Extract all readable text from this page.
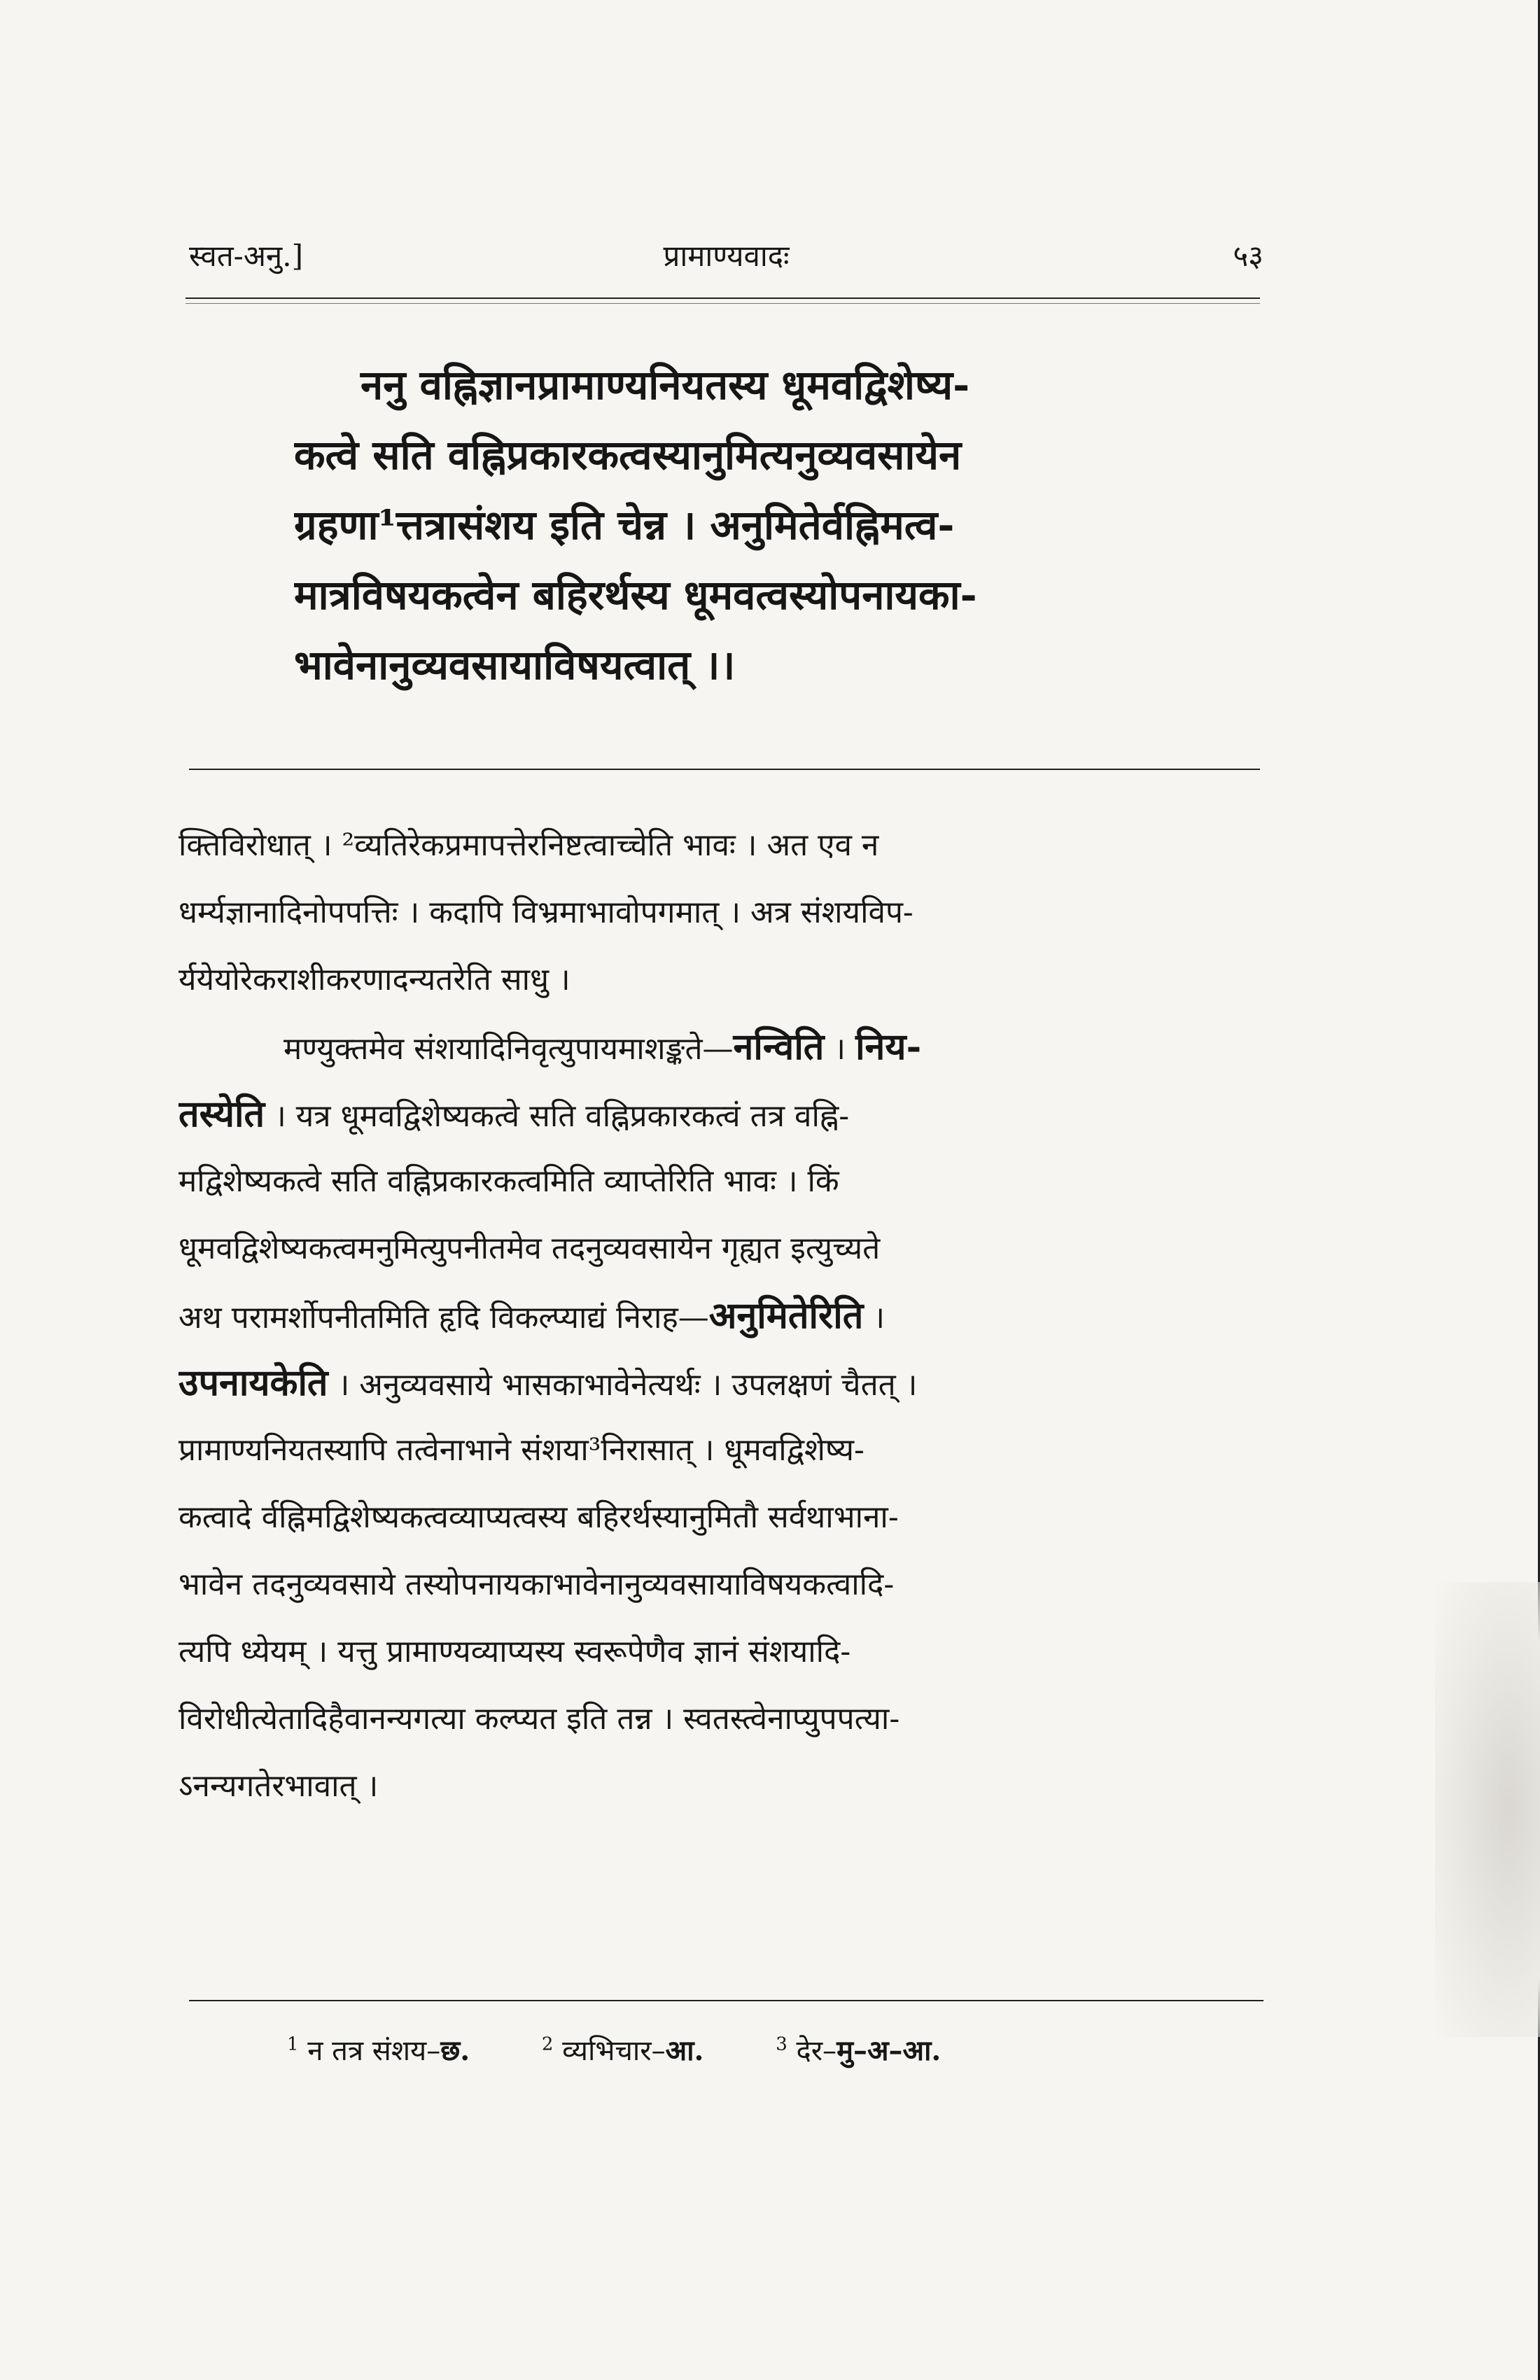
स्वत-अनु.]	प्रामाण्यवादः	५३
ननु वह्निज्ञानप्रामाण्यनियतस्य धूमवद्विशेष्य-
कत्वे सति वह्निप्रकारकत्वस्यानुमित्यनुव्यवसायेन
ग्रहणा¹त्तत्रासंशय इति चेन्न । अनुमितेर्वह्निमत्व-
मात्रविषयकत्वेन बहिरर्थस्य धूमवत्वस्योपनायका-
भावेनानुव्यवसायाविषयत्वात् ।।
क्तिविरोधात् । ²व्यतिरेकप्रमापत्तेरनिष्टत्वाच्चेति भावः । अत एव न
धर्म्यज्ञानादिनोपपत्तिः । कदापि विभ्रमाभावोपगमात् । अत्र संशयविप-
र्ययेयोरेकराशीकरणादन्यतरेति साधु ।
मण्युक्तमेव संशयादिनिवृत्युपायमाशङ्कते—नन्विति । निय-
तस्येति । यत्र धूमवद्विशेष्यकत्वे सति वह्निप्रकारकत्वं तत्र वह्नि-
मद्विशेष्यकत्वे सति वह्निप्रकारकत्वमिति व्याप्तेरिति भावः । किं
धूमवद्विशेष्यकत्वमनुमित्युपनीतमेव तदनुव्यवसायेन गृह्यत इत्युच्यते
अथ परामर्शोपनीतमिति हृदि विकल्प्याद्यं निराह—अनुमितेरिति ।
उपनायकेति । अनुव्यवसाये भासकाभावेनेत्यर्थः । उपलक्षणं चैतत् ।
प्रामाण्यनियतस्यापि तत्वेनाभाने संशया³निरासात् । धूमवद्विशेष्य-
कत्वादे र्वह्निमद्विशेष्यकत्वव्याप्यत्वस्य बहिरर्थस्यानुमितौ सर्वथाभाना-
भावेन तदनुव्यवसाये तस्योपनायकाभावेनानुव्यवसायाविषयकत्वादि-
त्यपि ध्येयम् । यत्तु प्रामाण्यव्याप्यस्य स्वरूपेणैव ज्ञानं संशयादि-
विरोधीत्येतादिहैवानन्यगत्या कल्प्यत इति तन्न । स्वतस्त्वेनाप्युपपत्या-
ऽनन्यगतेरभावात् ।
$^1$ न तत्र संशय–छ.	$^2$ व्यभिचार–आ.	$^3$ देर–मु–अ–आ.
